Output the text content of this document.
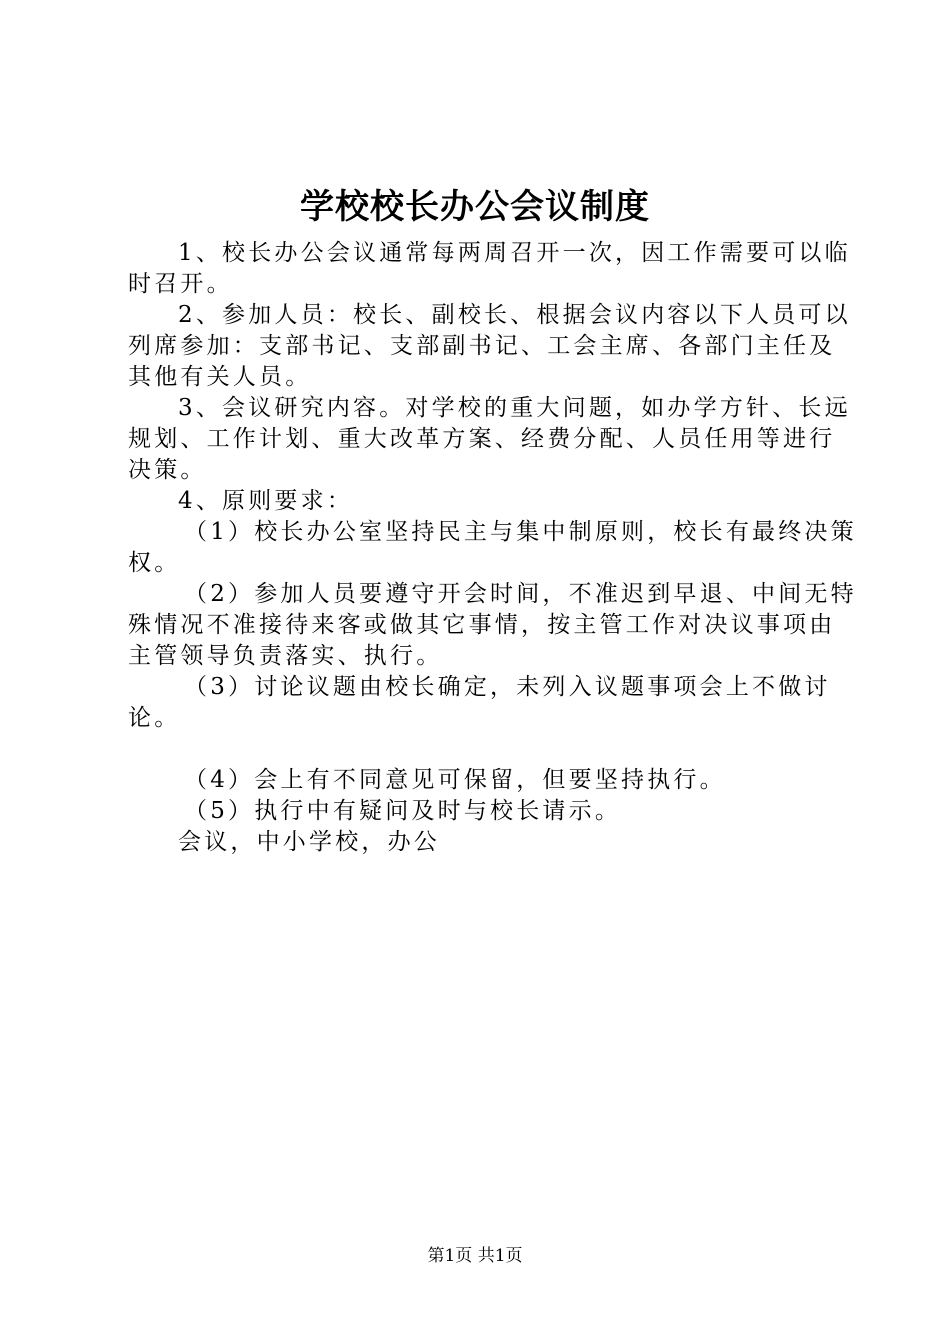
学校校长办公会议制度

1、校长办公会议通常每两周召开一次，因工作需要可以临时召开。

2、参加人员：校长、副校长、根据会议内容以下人员可以列席参加：支部书记、支部副书记、工会主席、各部门主任及其他有关人员。

3、会议研究内容。对学校的重大问题，如办学方针、长远规划、工作计划、重大改革方案、经费分配、人员任用等进行决策。

4、原则要求：

（1）校长办公室坚持民主与集中制原则，校长有最终决策权。

（2）参加人员要遵守开会时间，不准迟到早退、中间无特殊情况不准接待来客或做其它事情，按主管工作对决议事项由主管领导负责落实、执行。

（3）讨论议题由校长确定，未列入议题事项会上不做讨论。

（4）会上有不同意见可保留，但要坚持执行。

（5）执行中有疑问及时与校长请示。

会议，中小学校，办公

第1页 共1页
